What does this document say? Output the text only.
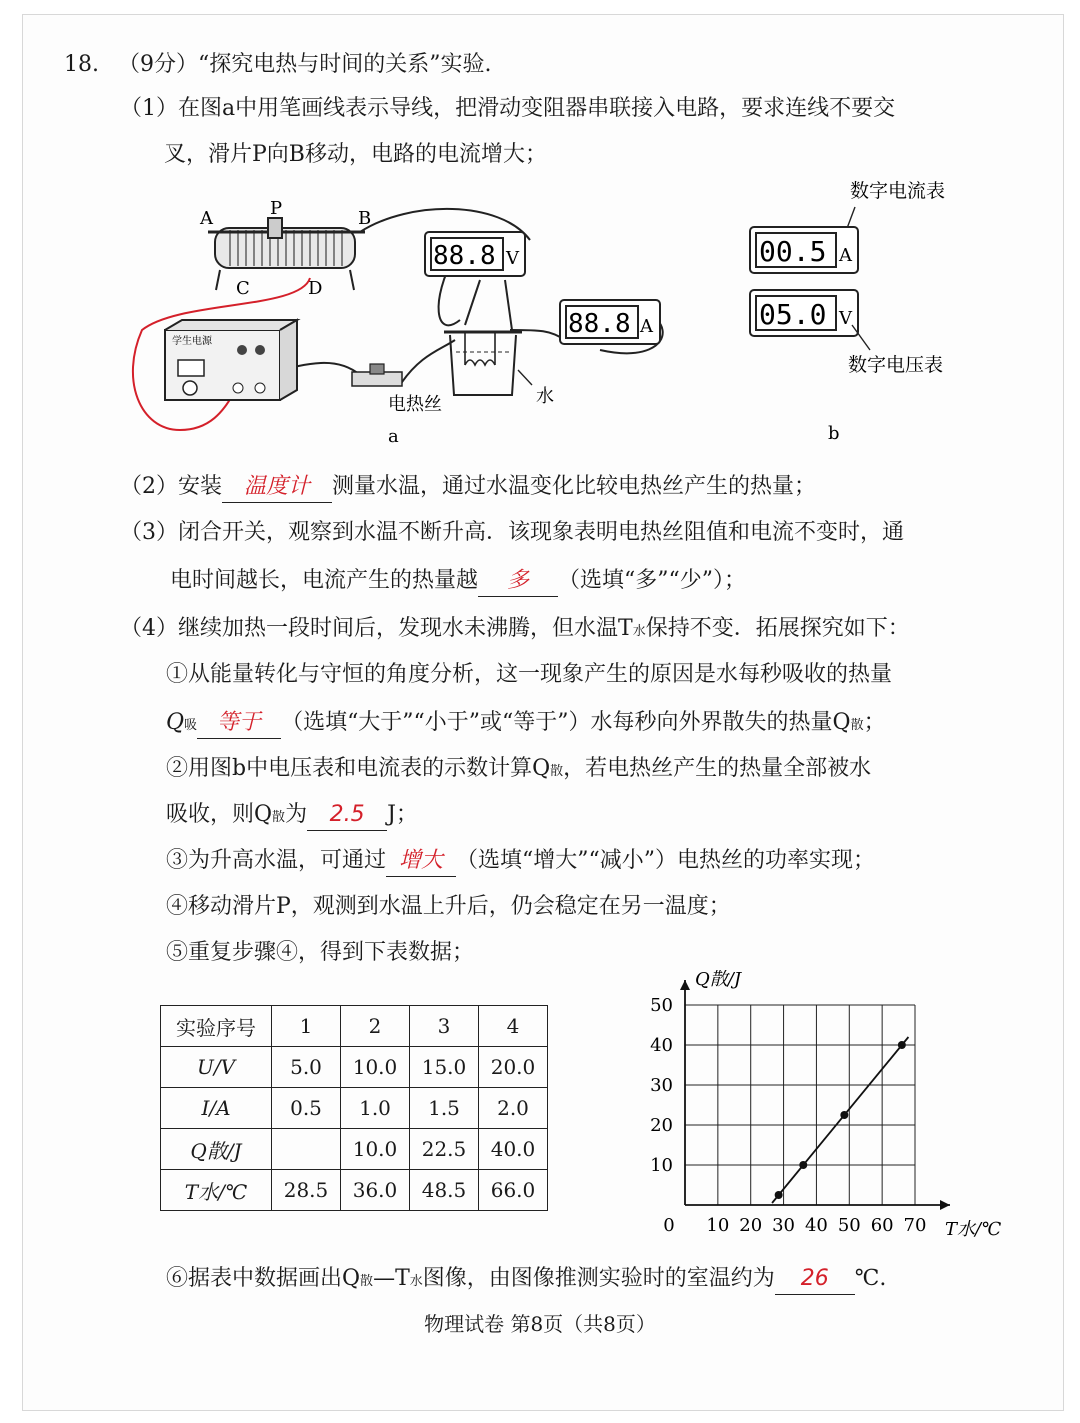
18. （9分）“探究电热与时间的关系”实验.
（1）在图a中用笔画线表示导线，把滑动变阻器串联接入电路，要求连线不要交
叉，滑片P向B移动，电路的电流增大；
A	P	B
C	D
88.8 V
88.8 A
电热丝	水
学生电源
a
数字电流表
00.5 A
05.0 V
数字电压表
b
（2）安装 温度计 测量水温，通过水温变化比较电热丝产生的热量；
（3）闭合开关，观察到水温不断升高．该现象表明电热丝阻值和电流不变时，通
电时间越长，电流产生的热量越 多 （选填“多”“少”）；
（4）继续加热一段时间后，发现水未沸腾，但水温T水保持不变．拓展探究如下：
①从能量转化与守恒的角度分析，这一现象产生的原因是水每秒吸收的热量
Q吸 等于 （选填“大于”“小于”或“等于”）水每秒向外界散失的热量Q散；
②用图b中电压表和电流表的示数计算Q散，若电热丝产生的热量全部被水
吸收，则Q散为 2.5 J；
③为升高水温，可通过 增大 （选填“增大”“减小”）电热丝的功率实现；
④移动滑片P，观测到水温上升后，仍会稳定在另一温度；
⑤重复步骤④，得到下表数据；
实验序号	1	2	3	4
U/V	5.0	10.0	15.0	20.0
I/A	0.5	1.0	1.5	2.0
Q散/J		10.0	22.5	40.0
T水/℃	28.5	36.0	48.5	66.0
0 10 20 30 40 50 60 70
10
20
30
40
50
Q散/J
T水/℃
⑥据表中数据画出Q散—T水图像，由图像推测实验时的室温约为 26 ℃.
物理试卷 第8页（共8页）
